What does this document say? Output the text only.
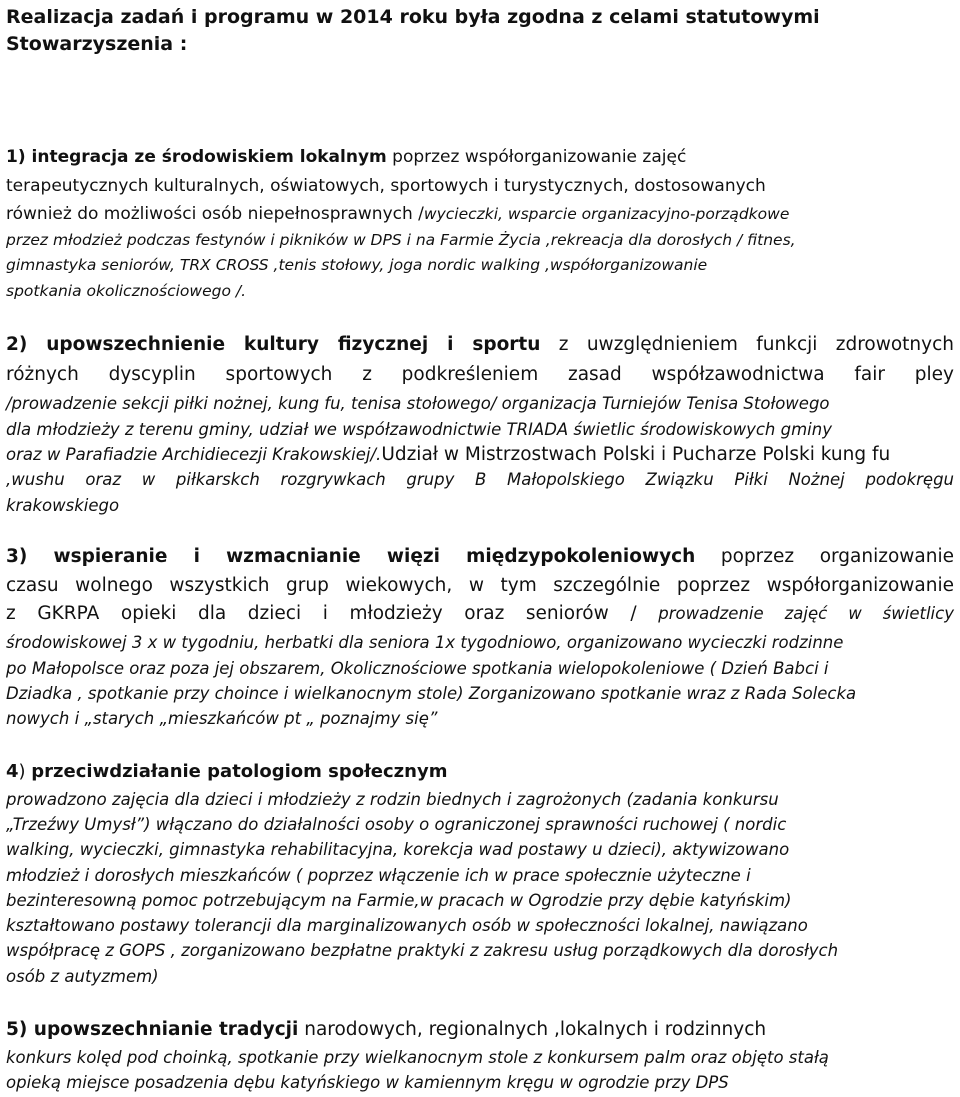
Realizacja zadań i programu w 2014 roku była zgodna z celami statutowymi

Stowarzyszenia :

1) integracja ze środowiskiem lokalnym poprzez współorganizowanie zajęć

terapeutycznych kulturalnych, oświatowych, sportowych i turystycznych, dostosowanych

również do możliwości osób niepełnosprawnych /wycieczki, wsparcie organizacyjno-porządkowe

przez młodzież podczas festynów i pikników w DPS i na Farmie Życia ,rekreacja dla dorosłych / fitnes,

gimnastyka seniorów, TRX CROSS ,tenis stołowy, joga nordic walking ,współorganizowanie

spotkania okolicznościowego /.

2) upowszechnienie kultury fizycznej i sportu z uwzględnieniem funkcji zdrowotnych

różnych dyscyplin sportowych z podkreśleniem zasad współzawodnictwa fair pley

/prowadzenie sekcji piłki nożnej, kung fu, tenisa stołowego/ organizacja Turniejów Tenisa Stołowego

dla młodzieży z terenu gminy, udział we współzawodnictwie TRIADA świetlic środowiskowych gminy

oraz w Parafiadzie Archidiecezji Krakowskiej/.Udział w Mistrzostwach Polski i Pucharze Polski kung fu

,wushu oraz w piłkarskch rozgrywkach grupy B Małopolskiego Związku Piłki Nożnej podokręgu

krakowskiego

3) wspieranie i wzmacnianie więzi międzypokoleniowych poprzez organizowanie

czasu wolnego wszystkich grup wiekowych, w tym szczególnie poprzez współorganizowanie

z GKRPA opieki dla dzieci i młodzieży oraz seniorów / prowadzenie zajęć w świetlicy

środowiskowej 3 x w tygodniu, herbatki dla seniora 1x tygodniowo, organizowano wycieczki rodzinne

po Małopolsce oraz poza jej obszarem, Okolicznościowe spotkania wielopokoleniowe ( Dzień Babci i

Dziadka , spotkanie przy choince i wielkanocnym stole) Zorganizowano spotkanie wraz z Rada Solecka

nowych i „starych „mieszkańców pt „ poznajmy się”

4) przeciwdziałanie patologiom społecznym

prowadzono zajęcia dla dzieci i młodzieży z rodzin biednych i zagrożonych (zadania konkursu

„Trzeźwy Umysł”) włączano do działalności osoby o ograniczonej sprawności ruchowej ( nordic

walking, wycieczki, gimnastyka rehabilitacyjna, korekcja wad postawy u dzieci), aktywizowano

młodzież i dorosłych mieszkańców ( poprzez włączenie ich w prace społecznie użyteczne i

bezinteresowną pomoc potrzebującym na Farmie,w pracach w Ogrodzie przy dębie katyńskim)

kształtowano postawy tolerancji dla marginalizowanych osób w społeczności lokalnej, nawiązano

współpracę z GOPS , zorganizowano bezpłatne praktyki z zakresu usług porządkowych dla dorosłych

osób z autyzmem)

5) upowszechnianie tradycji narodowych, regionalnych ,lokalnych i rodzinnych

konkurs kolęd pod choinką, spotkanie przy wielkanocnym stole z konkursem palm oraz objęto stałą

opieką miejsce posadzenia dębu katyńskiego w kamiennym kręgu w ogrodzie przy DPS
